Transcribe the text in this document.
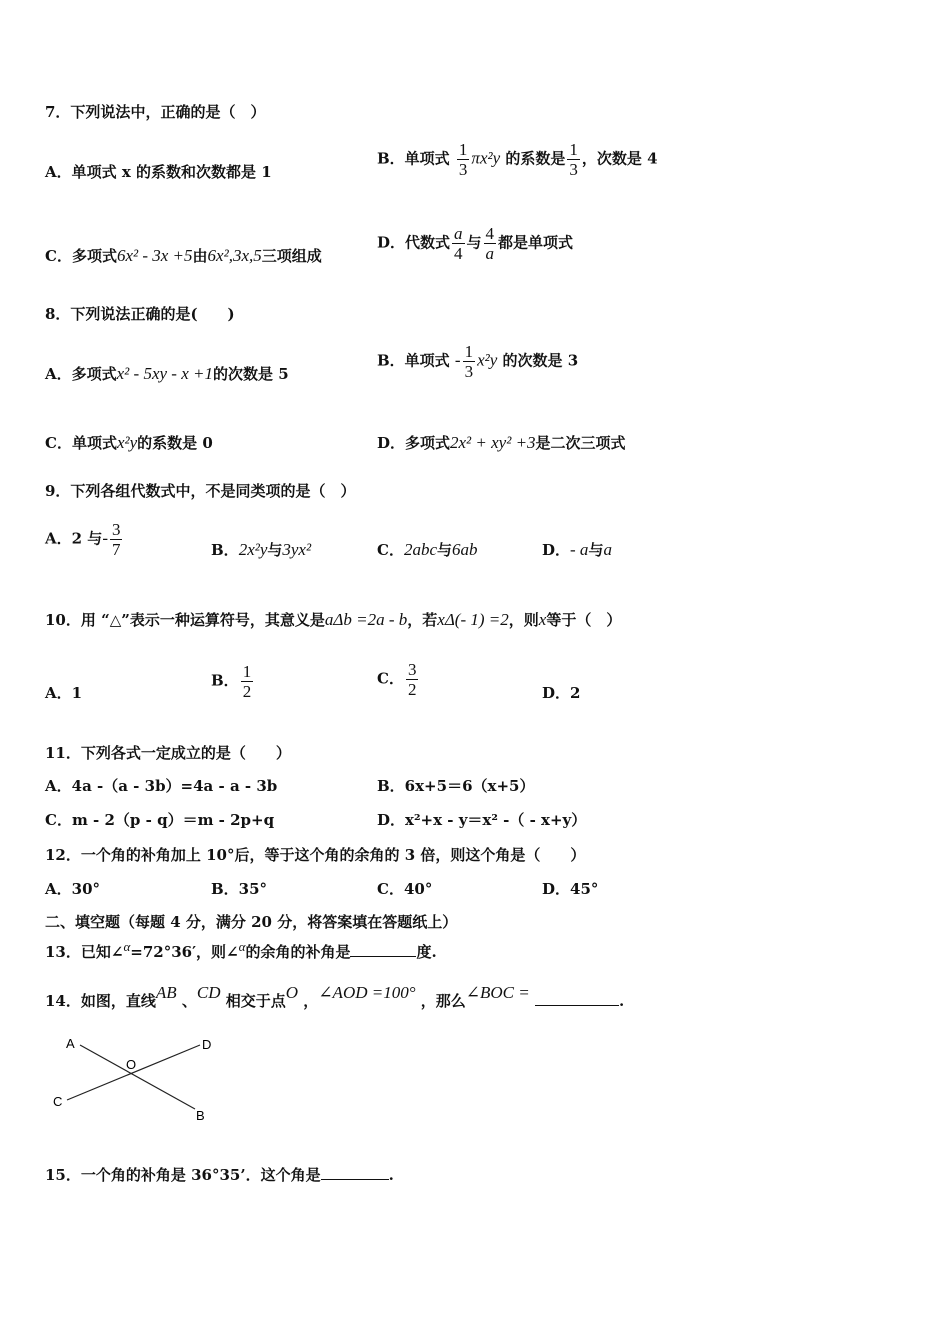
7．下列说法中，正确的是（　）
A．单项式 x 的系数和次数都是 1
B．单项式 $\frac{1}{3} \pi x^2y$ 的系数是 $\frac{1}{3}$ ，次数是 4
C．多项式6x² - 3x +5由6x²,3x,5三项组成
D．代数式 $\frac{a}{4}$ 与 $\frac{4}{a}$ 都是单项式
8．下列说法正确的是(　　)
A．多项式x² - 5xy - x +1的次数是 5
B．单项式 - $\frac{1}{3} x^2y$ 的次数是 3
C．单项式x²y的系数是 0	D．多项式2x² + xy² +3是二次三项式
9．下列各组代数式中，不是同类项的是（　）
A．2 与- $\frac{3}{7}$	B．2x²y与3yx²	C．2abc与6ab	D．- a与a
10．用 “△”表示一种运算符号，其意义是aΔb =2a - b，若xΔ(- 1) =2，则x等于（　）
A．1
B． $\frac{1}{2}$	C． $\frac{3}{2}$	D．2
11．下列各式一定成立的是（　　）
A．4a -（a - 3b）=4a - a - 3b	B．6x+5＝6（x+5）
C．m - 2（p - q）＝m - 2p+q	D．x²+x - y＝x² -（ - x+y）
12．一个角的补角加上 10°后，等于这个角的余角的 3 倍，则这个角是（　　）
A．30°	B．35°	C．40°	D．45°
二、填空题（每题 4 分，满分 20 分，将答案填在答题纸上）
13．已知∠α=72°36′，则∠α的余角的补角是	度.
14．如图，直线AB 、CD 相交于点O ，∠AOD =100° ，那么∠BOC =	.
A	D
O
C
B
15．一个角的补角是 36°35’．这个角是	.
